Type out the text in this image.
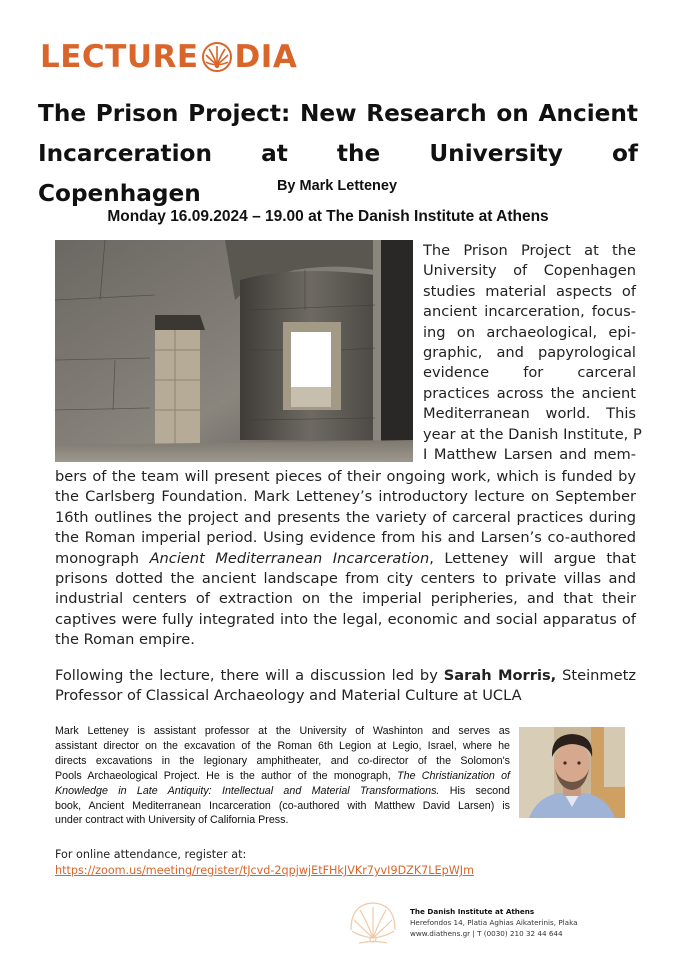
LECTURE DIA
The Prison Project: New Research on Ancient
Incarceration at the University of Copenhagen	By Mark Letteney
Monday 16.09.2024 – 19.00 at The Danish Institute at Athens
The Prison Project at the
University of Copenhagen
studies material aspects of
ancient incarceration, focus-
ing on archaeological, epi-
graphic, and papyrological
evidence for carceral
practices across the ancient
Mediterranean world. This
year at the Danish Institute, P
I Matthew Larsen and mem-
bers of the team will present pieces of their ongoing work, which is funded by
the Carlsberg Foundation. Mark Letteney’s introductory lecture on September
16th outlines the project and presents the variety of carceral practices during
the Roman imperial period. Using evidence from his and Larsen’s co-authored
monograph Ancient Mediterranean Incarceration, Letteney will argue that
prisons dotted the ancient landscape from city centers to private villas and
industrial centers of extraction on the imperial peripheries, and that their
captives were fully integrated into the legal, economic and social apparatus of
the Roman empire.
Following the lecture, there will a discussion led by Sarah Morris, Steinmetz
Professor of Classical Archaeology and Material Culture at UCLA
Mark Letteney is assistant professor at the University of Washinton and serves as
assistant director on the excavation of the Roman 6th Legion at Legio, Israel, where he
directs excavations in the legionary amphitheater, and co-director of the Solomon's
Pools Archaeological Project. He is the author of the monograph, The Christianization of
Knowledge in Late Antiquity: Intellectual and Material Transformations. His second
book, Ancient Mediterranean Incarceration (co-authored with Matthew David Larsen) is
under contract with University of California Press.
For online attendance, register at:
https://zoom.us/meeting/register/tJcvd-2qpjwjEtFHkJVKr7yvI9DZK7LEpWJm
The Danish Institute at Athens
Herefondos 14, Platia Aghias Aikaterinis, Plaka
www.diathens.gr | T (0030) 210 32 44 644
